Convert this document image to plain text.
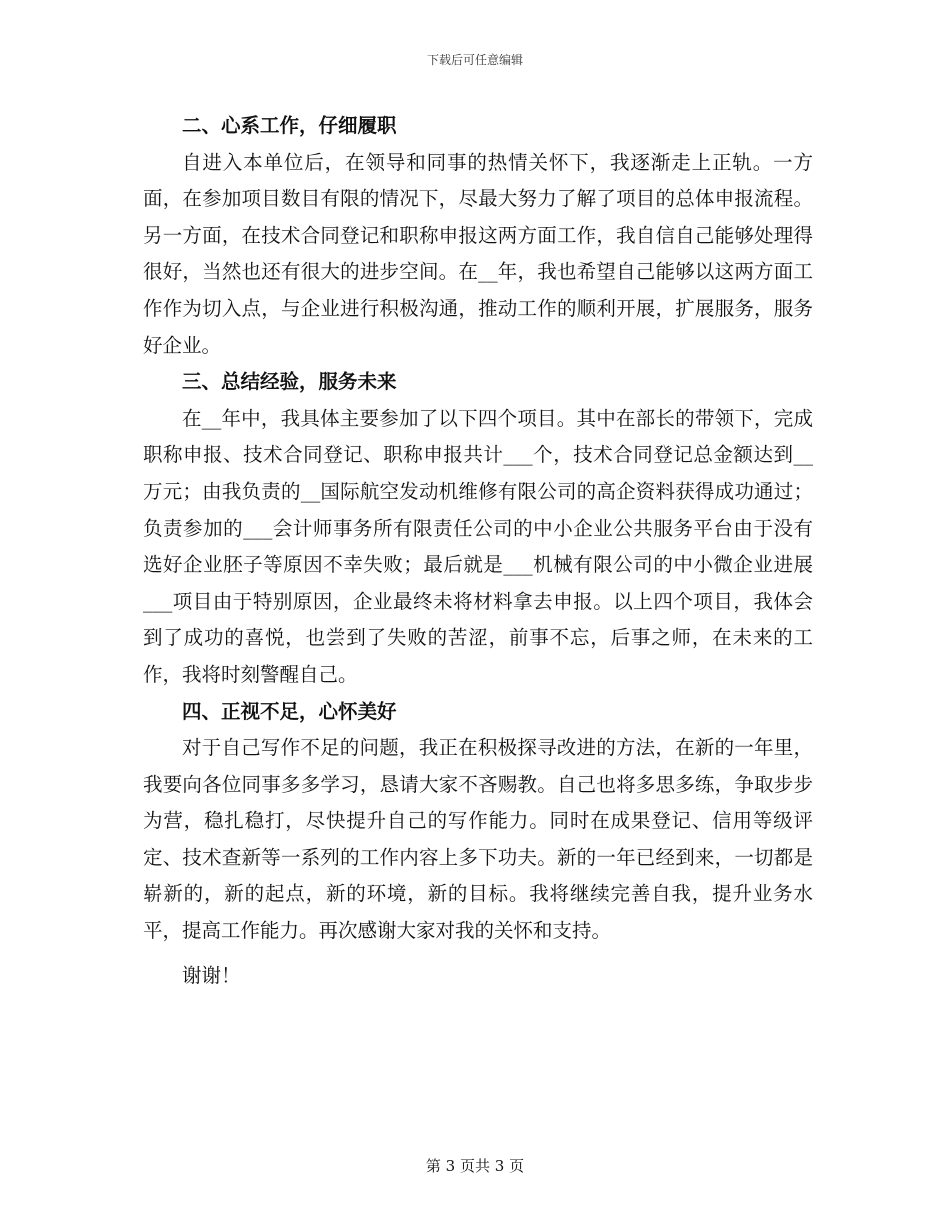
下载后可任意编辑

二、心系工作，仔细履职

自进入本单位后，在领导和同事的热情关怀下，我逐渐走上正轨。一方面，在参加项目数目有限的情况下，尽最大努力了解了项目的总体申报流程。另一方面，在技术合同登记和职称申报这两方面工作，我自信自己能够处理得很好，当然也还有很大的进步空间。在__年，我也希望自己能够以这两方面工作作为切入点，与企业进行积极沟通，推动工作的顺利开展，扩展服务，服务好企业。

三、总结经验，服务未来

在__年中，我具体主要参加了以下四个项目。其中在部长的带领下，完成职称申报、技术合同登记、职称申报共计___个，技术合同登记总金额达到__万元；由我负责的__国际航空发动机维修有限公司的高企资料获得成功通过；负责参加的___会计师事务所有限责任公司的中小企业公共服务平台由于没有选好企业胚子等原因不幸失败；最后就是___机械有限公司的中小微企业进展___项目由于特别原因，企业最终未将材料拿去申报。以上四个项目，我体会到了成功的喜悦，也尝到了失败的苦涩，前事不忘，后事之师，在未来的工作，我将时刻警醒自己。

四、正视不足，心怀美好

对于自己写作不足的问题，我正在积极探寻改进的方法，在新的一年里，我要向各位同事多多学习，恳请大家不吝赐教。自己也将多思多练，争取步步为营，稳扎稳打，尽快提升自己的写作能力。同时在成果登记、信用等级评定、技术查新等一系列的工作内容上多下功夫。新的一年已经到来，一切都是崭新的，新的起点，新的环境，新的目标。我将继续完善自我，提升业务水平，提高工作能力。再次感谢大家对我的关怀和支持。

谢谢！

第 3 页共 3 页
